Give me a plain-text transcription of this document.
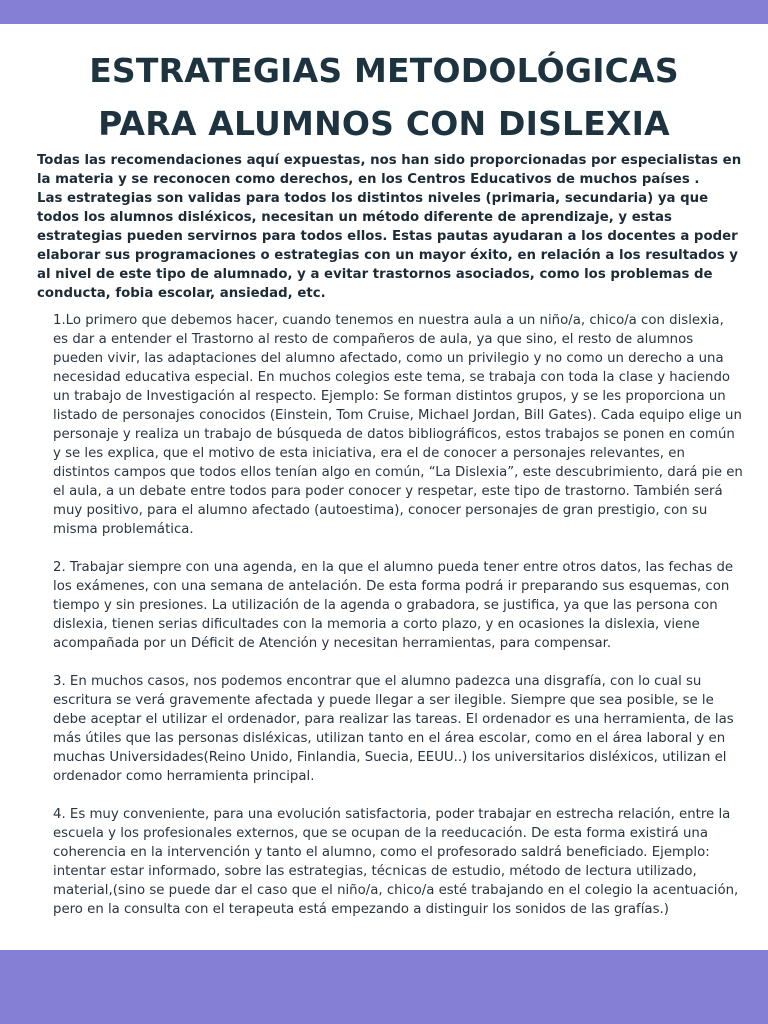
ESTRATEGIAS METODOLÓGICAS
PARA ALUMNOS CON DISLEXIA

Todas las recomendaciones aquí expuestas, nos han sido proporcionadas por especialistas en la materia y se reconocen como derechos, en los Centros Educativos de muchos países .
Las estrategias son validas para todos los distintos niveles (primaria, secundaria) ya que todos los alumnos disléxicos, necesitan un método diferente de aprendizaje, y estas estrategias pueden servirnos para todos ellos. Estas pautas ayudaran a los docentes a poder elaborar sus programaciones o estrategias con un mayor éxito, en relación a los resultados y al nivel de este tipo de alumnado, y a evitar trastornos asociados, como los problemas de conducta, fobia escolar, ansiedad, etc.

1.Lo primero que debemos hacer, cuando tenemos en nuestra aula a un niño/a, chico/a con dislexia, es dar a entender el Trastorno al resto de compañeros de aula, ya que sino, el resto de alumnos pueden vivir, las adaptaciones del alumno afectado, como un privilegio y no como un derecho a una necesidad educativa especial. En muchos colegios este tema, se trabaja con toda la clase y haciendo un trabajo de Investigación al respecto. Ejemplo: Se forman distintos grupos, y se les proporciona un listado de personajes conocidos (Einstein, Tom Cruise, Michael Jordan, Bill Gates). Cada equipo elige un personaje y realiza un trabajo de búsqueda de datos bibliográficos, estos trabajos se ponen en común y se les explica, que el motivo de esta iniciativa, era el de conocer a personajes relevantes, en distintos campos que todos ellos tenían algo en común, “La Dislexia”, este descubrimiento, dará pie en el aula, a un debate entre todos para poder conocer y respetar, este tipo de trastorno. También será muy positivo, para el alumno afectado (autoestima), conocer personajes de gran prestigio, con su misma problemática.

2. Trabajar siempre con una agenda, en la que el alumno pueda tener entre otros datos, las fechas de los exámenes, con una semana de antelación. De esta forma podrá ir preparando sus esquemas, con tiempo y sin presiones. La utilización de la agenda o grabadora, se justifica, ya que las persona con dislexia, tienen serias dificultades con la memoria a corto plazo, y en ocasiones la dislexia, viene acompañada por un Déficit de Atención y necesitan herramientas, para compensar.

3. En muchos casos, nos podemos encontrar que el alumno padezca una disgrafía, con lo cual su escritura se verá gravemente afectada y puede llegar a ser ilegible. Siempre que sea posible, se le debe aceptar el utilizar el ordenador, para realizar las tareas. El ordenador es una herramienta, de las más útiles que las personas disléxicas, utilizan tanto en el área escolar, como en el área laboral y en muchas Universidades(Reino Unido, Finlandia, Suecia, EEUU..) los universitarios disléxicos, utilizan el ordenador como herramienta principal.

4. Es muy conveniente, para una evolución satisfactoria, poder trabajar en estrecha relación, entre la escuela y los profesionales externos, que se ocupan de la reeducación. De esta forma existirá una coherencia en la intervención y tanto el alumno, como el profesorado saldrá beneficiado. Ejemplo: intentar estar informado, sobre las estrategias, técnicas de estudio, método de lectura utilizado, material,(sino se puede dar el caso que el niño/a, chico/a esté trabajando en el colegio la acentuación, pero en la consulta con el terapeuta está empezando a distinguir los sonidos de las grafías.)
